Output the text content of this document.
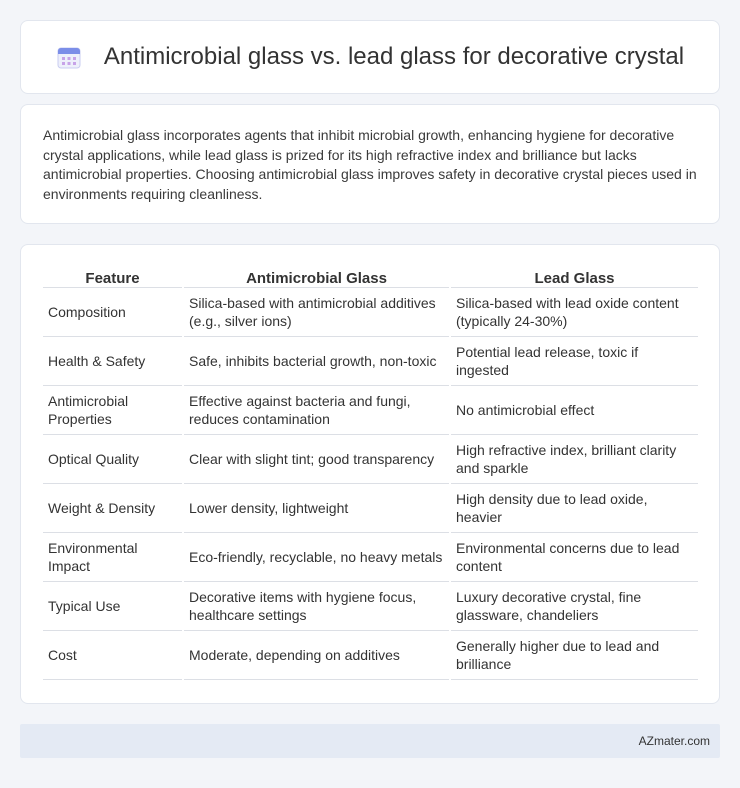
Antimicrobial glass vs. lead glass for decorative crystal

Antimicrobial glass incorporates agents that inhibit microbial growth, enhancing hygiene for decorative crystal applications, while lead glass is prized for its high refractive index and brilliance but lacks antimicrobial properties. Choosing antimicrobial glass improves safety in decorative crystal pieces used in environments requiring cleanliness.

Feature	Antimicrobial Glass	Lead Glass
Composition	Silica-based with antimicrobial additives (e.g., silver ions)	Silica-based with lead oxide content (typically 24-30%)
Health & Safety	Safe, inhibits bacterial growth, non-toxic	Potential lead release, toxic if ingested
Antimicrobial Properties	Effective against bacteria and fungi, reduces contamination	No antimicrobial effect
Optical Quality	Clear with slight tint; good transparency	High refractive index, brilliant clarity and sparkle
Weight & Density	Lower density, lightweight	High density due to lead oxide, heavier
Environmental Impact	Eco-friendly, recyclable, no heavy metals	Environmental concerns due to lead content
Typical Use	Decorative items with hygiene focus, healthcare settings	Luxury decorative crystal, fine glassware, chandeliers
Cost	Moderate, depending on additives	Generally higher due to lead and brilliance
AZmater.com
